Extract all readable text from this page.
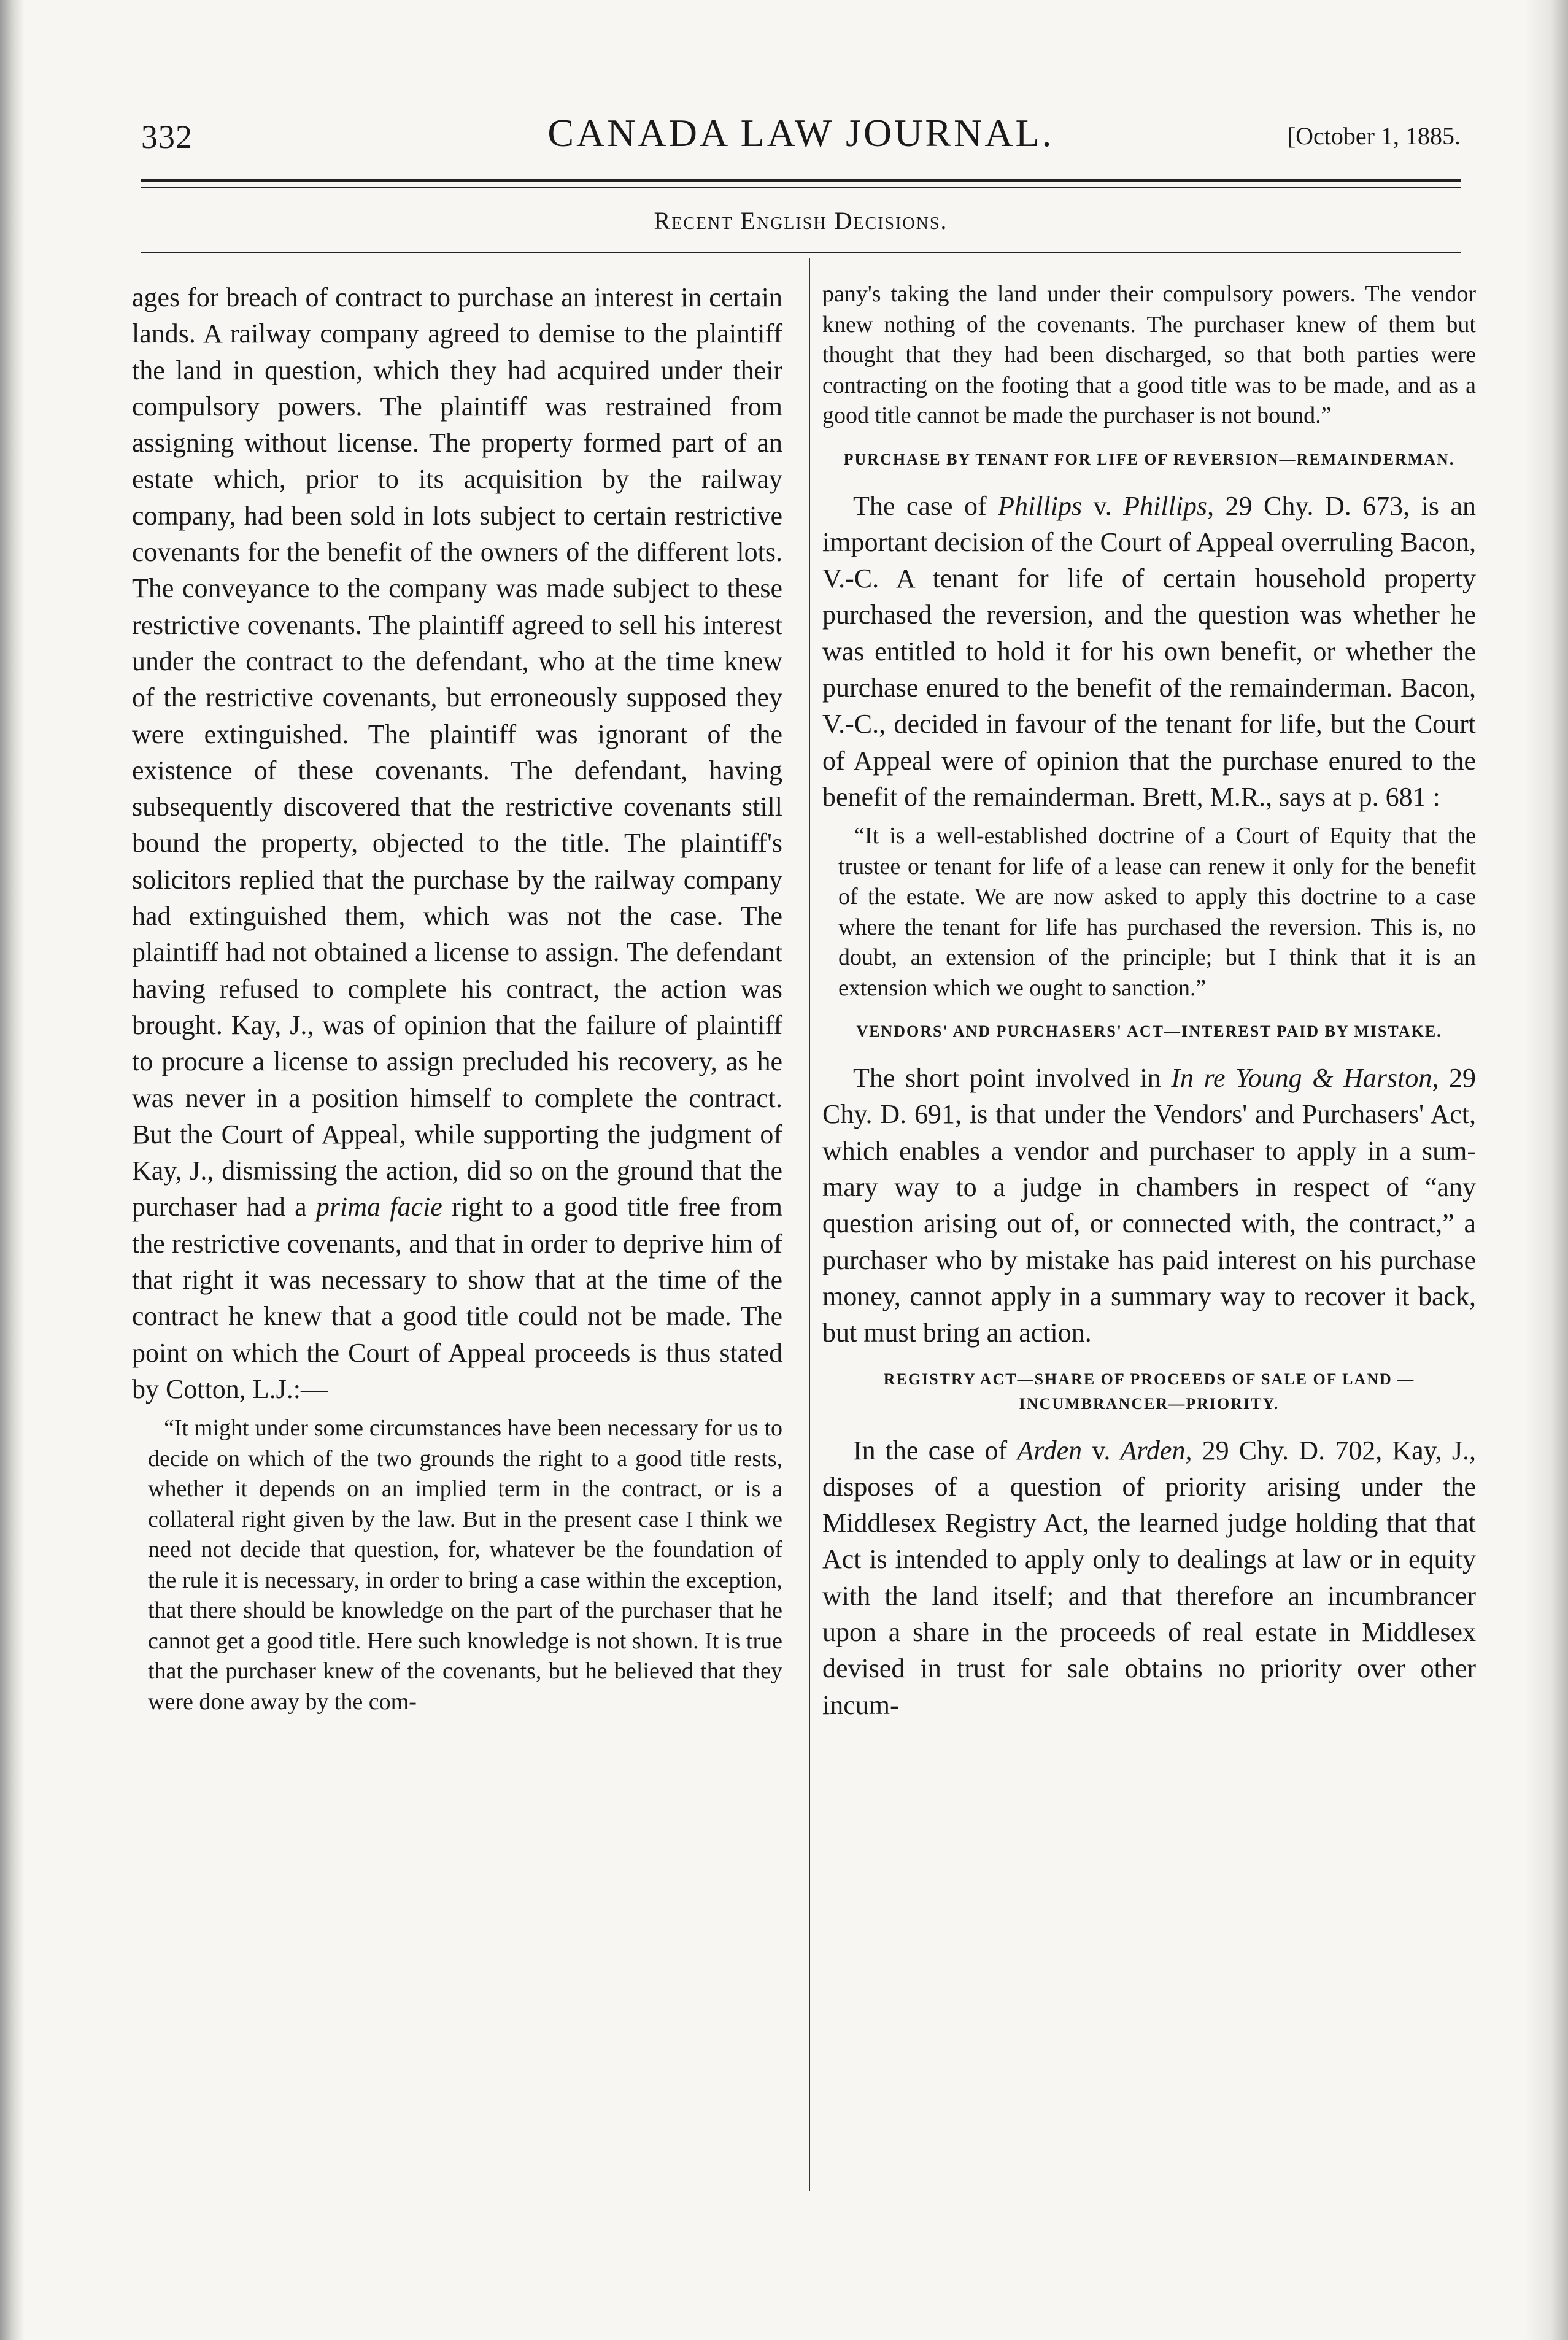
332	CANADA LAW JOURNAL.	[October 1, 1885.
Recent English Decisions.

ages for breach of contract to purchase an interest in certain lands. A railway company agreed to demise to the plaintiff the land in question, which they had acquired under their compulsory powers. The plaintiff was restrained from assigning without license. The property formed part of an estate which, prior to its acquisition by the railway company, had been sold in lots subject to certain restrictive covenants for the benefit of the owners of the different lots. The conveyance to the company was made subject to these restrictive covenants. The plaintiff agreed to sell his interest under the contract to the defendant, who at the time knew of the restrictive covenants, but erroneously supposed they were extinguished. The plaintiff was ignorant of the existence of these covenants. The defendant, having subsequently discovered that the restrictive covenants still bound the property, objected to the title. The plaintiff's solicitors replied that the purchase by the railway company had extinguished them, which was not the case. The plaintiff had not obtained a license to assign. The defendant having refused to complete his contract, the action was brought. Kay, J., was of opinion that the failure of plaintiff to procure a license to assign precluded his recovery, as he was never in a position himself to complete the contract. But the Court of Appeal, while supporting the judgment of Kay, J., dismissing the action, did so on the ground that the purchaser had a prima facie right to a good title free from the restrictive covenants, and that in order to deprive him of that right it was necessary to show that at the time of the contract he knew that a good title could not be made. The point on which the Court of Appeal proceeds is thus stated by Cotton, L.J.:—

“It might under some circumstances have been necessary for us to decide on which of the two grounds the right to a good title rests, whether it depends on an implied term in the contract, or is a collateral right given by the law. But in the present case I think we need not decide that question, for, whatever be the foundation of the rule it is necessary, in order to bring a case within the exception, that there should be knowledge on the part of the purchaser that he cannot get a good title. Here such knowledge is not shown. It is true that the purchaser knew of the covenants, but he believed that they were done away by the com-

pany's taking the land under their compulsory powers. The vendor knew nothing of the covenants. The purchaser knew of them but thought that they had been discharged, so that both parties were contracting on the footing that a good title was to be made, and as a good title cannot be made the purchaser is not bound.”

PURCHASE BY TENANT FOR LIFE OF REVERSION—REMAINDERMAN.

The case of Phillips v. Phillips, 29 Chy. D. 673, is an important decision of the Court of Appeal overruling Bacon, V.-C. A tenant for life of certain household property purchased the reversion, and the question was whether he was entitled to hold it for his own benefit, or whether the purchase enured to the benefit of the remainderman. Bacon, V.-C., decided in favour of the tenant for life, but the Court of Appeal were of opinion that the purchase enured to the benefit of the remainderman. Brett, M.R., says at p. 681 :

“It is a well-established doctrine of a Court of Equity that the trustee or tenant for life of a lease can renew it only for the benefit of the estate. We are now asked to apply this doctrine to a case where the tenant for life has purchased the reversion. This is, no doubt, an extension of the principle; but I think that it is an extension which we ought to sanction.”

VENDORS' AND PURCHASERS' ACT—INTEREST PAID BY MISTAKE.

The short point involved in In re Young & Harston, 29 Chy. D. 691, is that under the Vendors' and Purchasers' Act, which enables a vendor and purchaser to apply in a summary way to a judge in chambers in respect of “any question arising out of, or connected with, the contract,” a purchaser who by mistake has paid interest on his purchase money, cannot apply in a summary way to recover it back, but must bring an action.

REGISTRY ACT—SHARE OF PROCEEDS OF SALE OF LAND —INCUMBRANCER—PRIORITY.

In the case of Arden v. Arden, 29 Chy. D. 702, Kay, J., disposes of a question of priority arising under the Middlesex Registry Act, the learned judge holding that that Act is intended to apply only to dealings at law or in equity with the land itself; and that therefore an incumbrancer upon a share in the proceeds of real estate in Middlesex devised in trust for sale obtains no priority over other incum-
